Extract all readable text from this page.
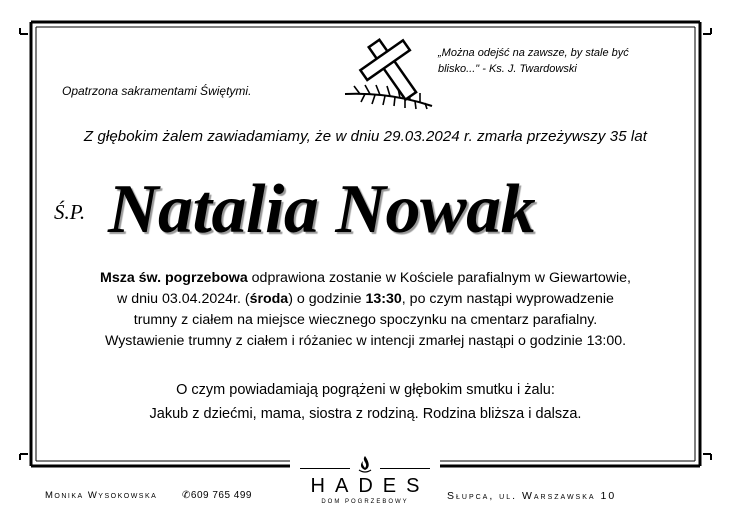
Opatrzona sakramentami Świętymi.
„Można odejść na zawsze, by stale być
blisko..." - Ks. J. Twardowski
Z głębokim żalem zawiadamiamy, że w dniu 29.03.2024 r. zmarła przeżywszy 35 lat
Ś.P. Natalia Nowak

Msza św. pogrzebowa odprawiona zostanie w Kościele parafialnym w Giewartowie,

w dniu 03.04.2024r. (środa) o godzinie 13:30, po czym nastąpi wyprowadzenie

trumny z ciałem na miejsce wiecznego spoczynku na cmentarz parafialny.

Wystawienie trumny z ciałem i różaniec w intencji zmarłej nastąpi o godzinie 13:00.

O czym powiadamiają pogrążeni w głębokim smutku i żalu:

Jakub z dziećmi, mama, siostra z rodziną. Rodzina bliższa i dalsza.

Monika Wysokowska ✆609 765 499	HADES
DOM POGRZEBOWY	Słupca, ul. Warszawska 10
